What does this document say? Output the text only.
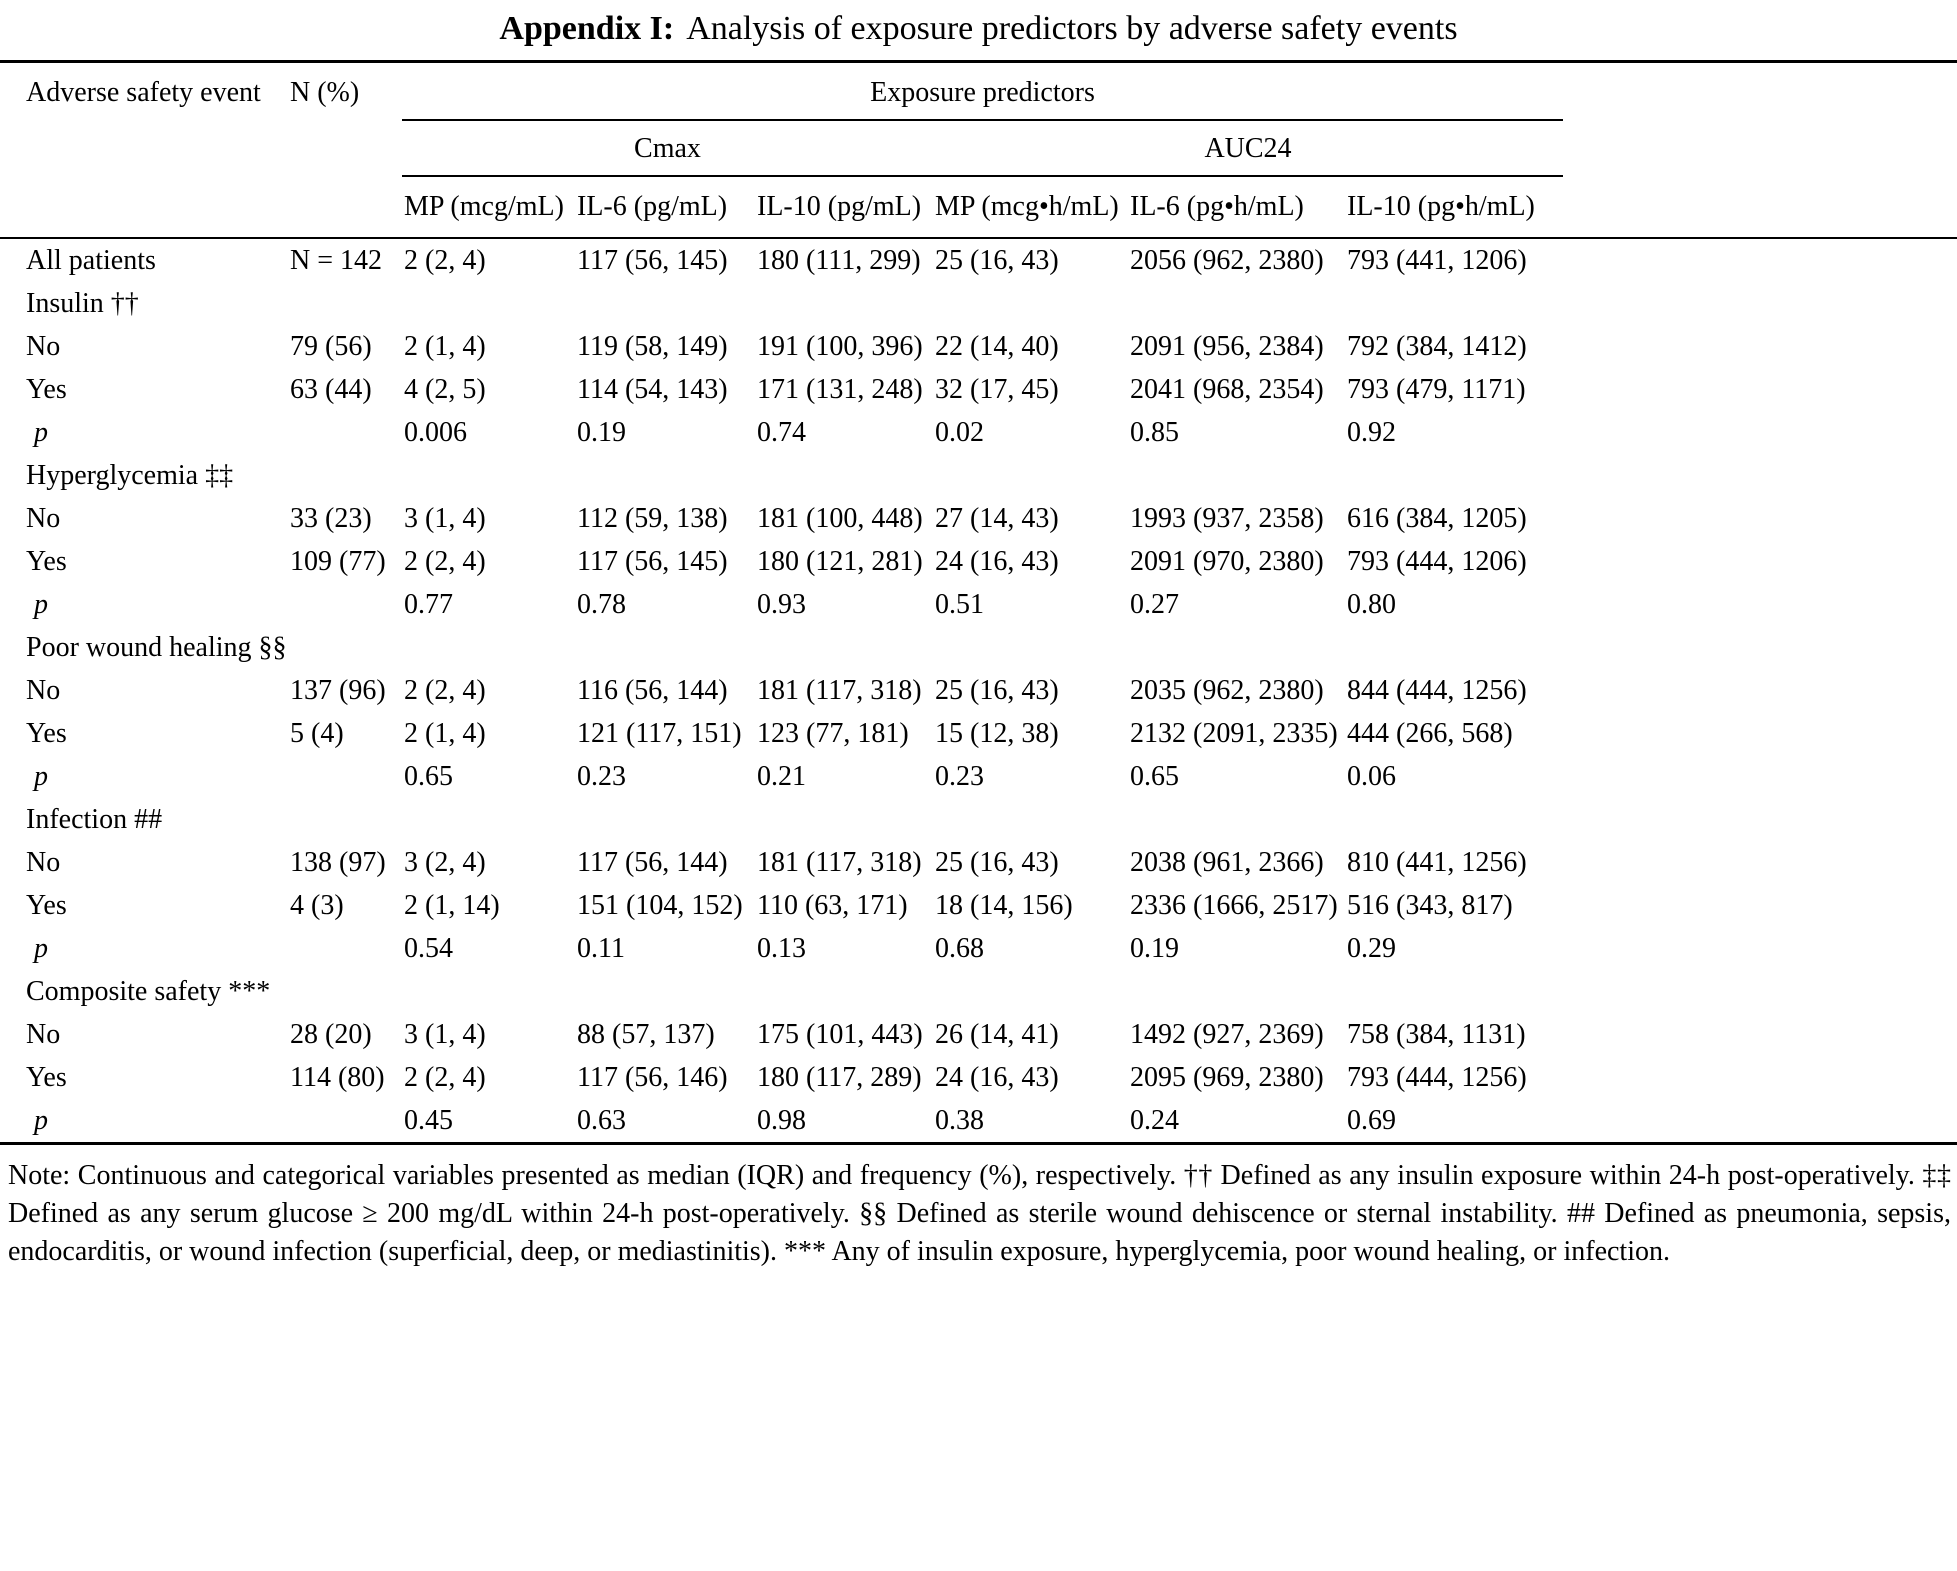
Appendix I: Analysis of exposure predictors by adverse safety events
Adverse safety event	N (%)	Exposure predictors						

		Cmax			AUC24			

		MP (mcg/mL)	IL-6 (pg/mL)	IL-10 (pg/mL)	MP (mcg•h/mL)	IL-6 (pg•h/mL)	IL-10 (pg•h/mL)	
All patients	N = 142	2 (2, 4)	117 (56, 145)	180 (111, 299)	25 (16, 43)	2056 (962, 2380)	793 (441, 1206)	
Insulin ††								
No	79 (56)	2 (1, 4)	119 (58, 149)	191 (100, 396)	22 (14, 40)	2091 (956, 2384)	792 (384, 1412)	
Yes	63 (44)	4 (2, 5)	114 (54, 143)	171 (131, 248)	32 (17, 45)	2041 (968, 2354)	793 (479, 1171)	
p		0.006	0.19	0.74	0.02	0.85	0.92	
Hyperglycemia ‡‡								
No	33 (23)	3 (1, 4)	112 (59, 138)	181 (100, 448)	27 (14, 43)	1993 (937, 2358)	616 (384, 1205)	
Yes	109 (77)	2 (2, 4)	117 (56, 145)	180 (121, 281)	24 (16, 43)	2091 (970, 2380)	793 (444, 1206)	
p		0.77	0.78	0.93	0.51	0.27	0.80	
Poor wound healing §§								
No	137 (96)	2 (2, 4)	116 (56, 144)	181 (117, 318)	25 (16, 43)	2035 (962, 2380)	844 (444, 1256)	
Yes	5 (4)	2 (1, 4)	121 (117, 151)	123 (77, 181)	15 (12, 38)	2132 (2091, 2335)	444 (266, 568)	
p		0.65	0.23	0.21	0.23	0.65	0.06	
Infection ##								
No	138 (97)	3 (2, 4)	117 (56, 144)	181 (117, 318)	25 (16, 43)	2038 (961, 2366)	810 (441, 1256)	
Yes	4 (3)	2 (1, 14)	151 (104, 152)	110 (63, 171)	18 (14, 156)	2336 (1666, 2517)	516 (343, 817)	
p		0.54	0.11	0.13	0.68	0.19	0.29	
Composite safety ***								
No	28 (20)	3 (1, 4)	88 (57, 137)	175 (101, 443)	26 (14, 41)	1492 (927, 2369)	758 (384, 1131)	
Yes	114 (80)	2 (2, 4)	117 (56, 146)	180 (117, 289)	24 (16, 43)	2095 (969, 2380)	793 (444, 1256)	
p		0.45	0.63	0.98	0.38	0.24	0.69	

Note: Continuous and categorical variables presented as median (IQR) and frequency (%), respectively. †† Defined as any insulin exposure within 24-h post-operatively. ‡‡ Defined as any serum glucose ≥ 200 mg/dL within 24-h post-operatively. §§ Defined as sterile wound dehiscence or sternal instability. ## Defined as pneumonia, sepsis, endocarditis, or wound infection (superficial, deep, or mediastinitis). *** Any of insulin exposure, hyperglycemia, poor wound healing, or infection.
